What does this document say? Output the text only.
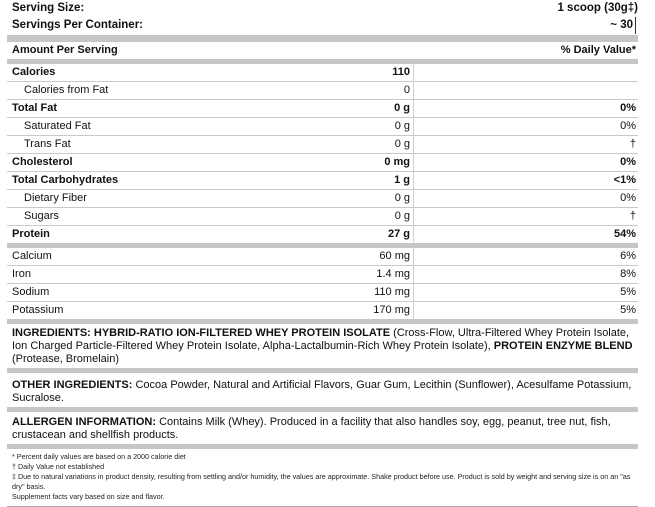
Serving Size:	1 scoop (30g‡)
Servings Per Container:	~ 30
Amount Per Serving	% Daily Value*
Calories	110
Calories from Fat	0
Total Fat	0 g	0%
Saturated Fat	0 g	0%
Trans Fat	0 g	†
Cholesterol	0 mg	0%
Total Carbohydrates	1 g	<1%
Dietary Fiber	0 g	0%
Sugars	0 g	†
Protein	27 g	54%
Calcium	60 mg	6%
Iron	1.4 mg	8%
Sodium	110 mg	5%
Potassium	170 mg	5%
INGREDIENTS: HYBRID-RATIO ION-FILTERED WHEY PROTEIN ISOLATE (Cross-Flow, Ultra-Filtered Whey Protein Isolate, Ion Charged Particle-Filtered Whey Protein Isolate, Alpha-Lactalbumin-Rich Whey Protein Isolate), PROTEIN ENZYME BLEND (Protease, Bromelain)
OTHER INGREDIENTS: Cocoa Powder, Natural and Artificial Flavors, Guar Gum, Lecithin (Sunflower), Acesulfame Potassium, Sucralose.
ALLERGEN INFORMATION: Contains Milk (Whey). Produced in a facility that also handles soy, egg, peanut, tree nut, fish, crustacean and shellfish products.
* Percent daily values are based on a 2000 calorie diet
† Daily Value not established
‡ Due to natural variations in product density, resulting from settling and/or humidity, the values are approximate. Shake product before use. Product is sold by weight and serving size is on an "as dry" basis.
Supplement facts vary based on size and flavor.
